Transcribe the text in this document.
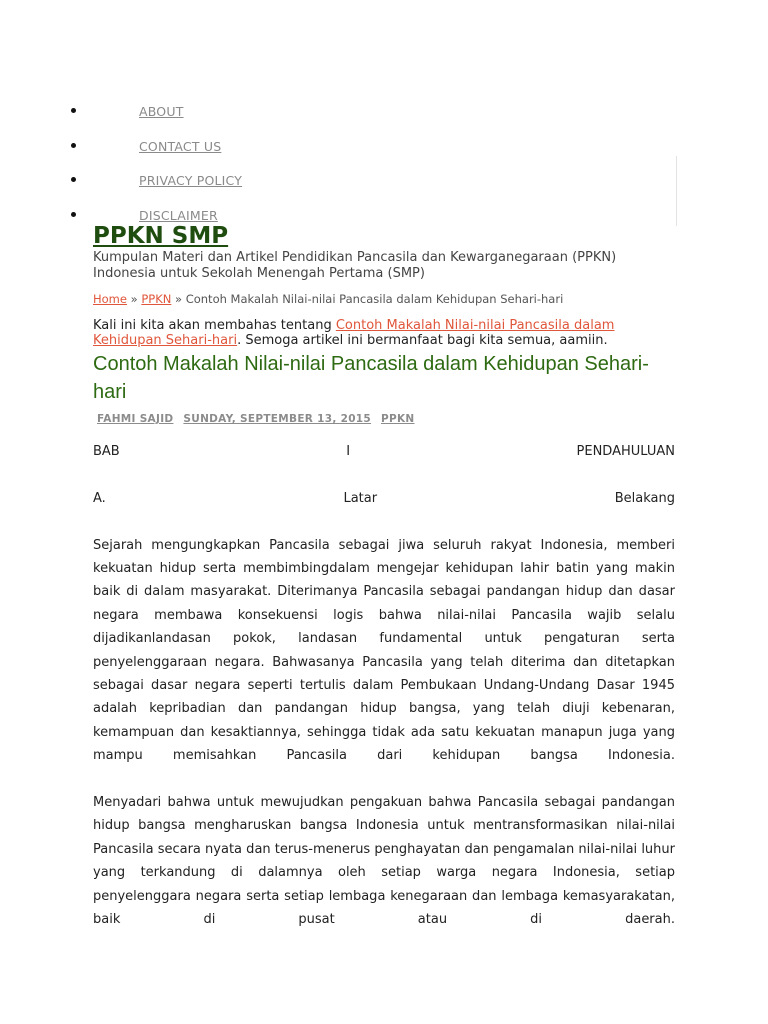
ABOUT
CONTACT US
PRIVACY POLICY
DISCLAIMER
PPKN SMP

Kumpulan Materi dan Artikel Pendidikan Pancasila dan Kewarganegaraan (PPKN) Indonesia untuk Sekolah Menengah Pertama (SMP)

Home » PPKN » Contoh Makalah Nilai-nilai Pancasila dalam Kehidupan Sehari-hari

Kali ini kita akan membahas tentang Contoh Makalah Nilai-nilai Pancasila dalam Kehidupan Sehari-hari. Semoga artikel ini bermanfaat bagi kita semua, aamiin.

Contoh Makalah Nilai-nilai Pancasila dalam Kehidupan Sehari-hari
FAHMI SAJID SUNDAY, SEPTEMBER 13, 2015 PPKN
BAB	I	PENDAHULUAN
A.	Latar	Belakang

Sejarah mengungkapkan Pancasila sebagai jiwa seluruh rakyat Indonesia, memberi kekuatan hidup serta membimbingdalam mengejar kehidupan lahir batin yang makin baik di dalam masyarakat. Diterimanya Pancasila sebagai pandangan hidup dan dasar negara membawa konsekuensi logis bahwa nilai-nilai Pancasila wajib selalu dijadikanlandasan pokok, landasan fundamental untuk pengaturan serta penyelenggaraan negara. Bahwasanya Pancasila yang telah diterima dan ditetapkan sebagai dasar negara seperti tertulis dalam Pembukaan Undang-Undang Dasar 1945 adalah kepribadian dan pandangan hidup bangsa, yang telah diuji kebenaran, kemampuan dan kesaktiannya, sehingga tidak ada satu kekuatan manapun juga yang mampu memisahkan Pancasila dari kehidupan bangsa Indonesia.

Menyadari bahwa untuk mewujudkan pengakuan bahwa Pancasila sebagai pandangan hidup bangsa mengharuskan bangsa Indonesia untuk mentransformasikan nilai-nilai Pancasila secara nyata dan terus-menerus penghayatan dan pengamalan nilai-nilai luhur yang terkandung di dalamnya oleh setiap warga negara Indonesia, setiap penyelenggara negara serta setiap lembaga kenegaraan dan lembaga kemasyarakatan, baik di pusat atau di daerah.
